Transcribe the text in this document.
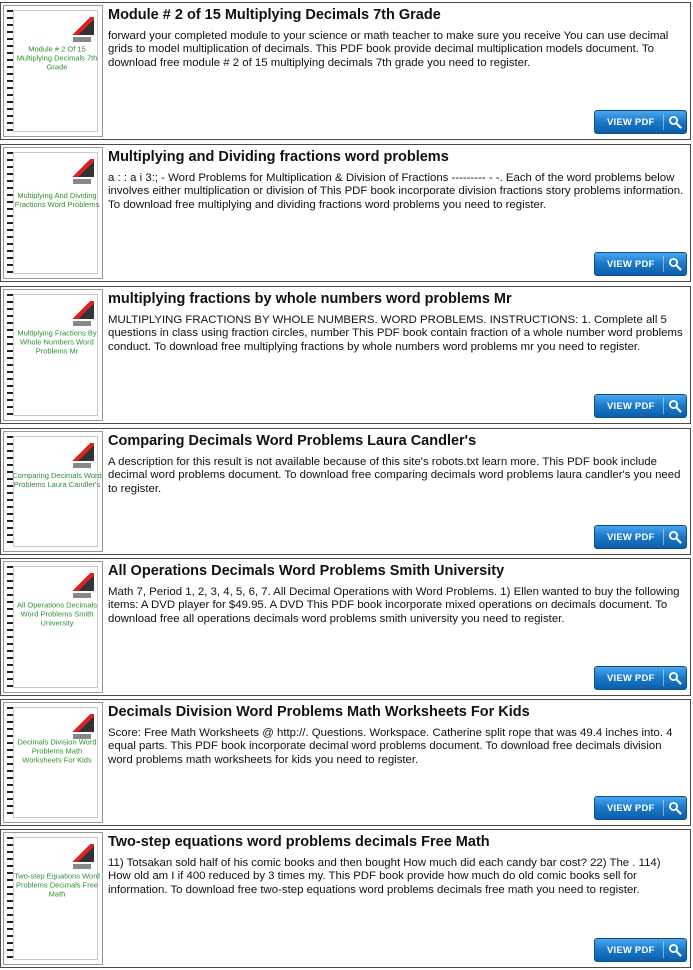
Module # 2 Of 15 Multiplying Decimals 7th Grade
Module # 2 of 15 Multiplying Decimals 7th Grade
forward your completed module to your science or math teacher to make sure you receive You can use decimal grids to model multiplication of decimals. This PDF book provide decimal multiplication models document. To download free module # 2 of 15 multiplying decimals 7th grade you need to register.
VIEW PDF
Multiplying And Dividing Fractions Word Problems
Multiplying and Dividing fractions word problems
a : : a i 3:; - Word Problems for Multiplication & Division of Fractions --------- - -. Each of the word problems below involves either multiplication or division of This PDF book incorporate division fractions story problems information. To download free multiplying and dividing fractions word problems you need to register.
VIEW PDF
Multiplying Fractions By Whole Numbers Word Problems Mr
multiplying fractions by whole numbers word problems Mr
MULTIPLYING FRACTIONS BY WHOLE NUMBERS. WORD PROBLEMS. INSTRUCTIONS: 1. Complete all 5 questions in class using fraction circles, number This PDF book contain fraction of a whole number word problems conduct. To download free multiplying fractions by whole numbers word problems mr you need to register.
VIEW PDF
Comparing Decimals Word Problems Laura Candler's
Comparing Decimals Word Problems Laura Candler's
A description for this result is not available because of this site's robots.txt learn more. This PDF book include decimal word problems document. To download free comparing decimals word problems laura candler's you need to register.
VIEW PDF
All Operations Decimals Word Problems Smith University
All Operations Decimals Word Problems Smith University
Math 7, Period 1, 2, 3, 4, 5, 6, 7. All Decimal Operations with Word Problems. 1) Ellen wanted to buy the following items: A DVD player for $49.95. A DVD This PDF book incorporate mixed operations on decimals document. To download free all operations decimals word problems smith university you need to register.
VIEW PDF
Decimals Division Word Problems Math Worksheets For Kids
Decimals Division Word Problems Math Worksheets For Kids
Score: Free Math Worksheets @ http://. Questions. Workspace. Catherine split rope that was 49.4 inches into. 4 equal parts. This PDF book incorporate decimal word problems document. To download free decimals division word problems math worksheets for kids you need to register.
VIEW PDF
Two-step Equations Word Problems Decimals Free Math
Two-step equations word problems decimals Free Math
11) Totsakan sold half of his comic books and then bought How much did each candy bar cost? 22) The . 114) How old am I if 400 reduced by 3 times my. This PDF book provide how much do old comic books sell for information. To download free two-step equations word problems decimals free math you need to register.
VIEW PDF
